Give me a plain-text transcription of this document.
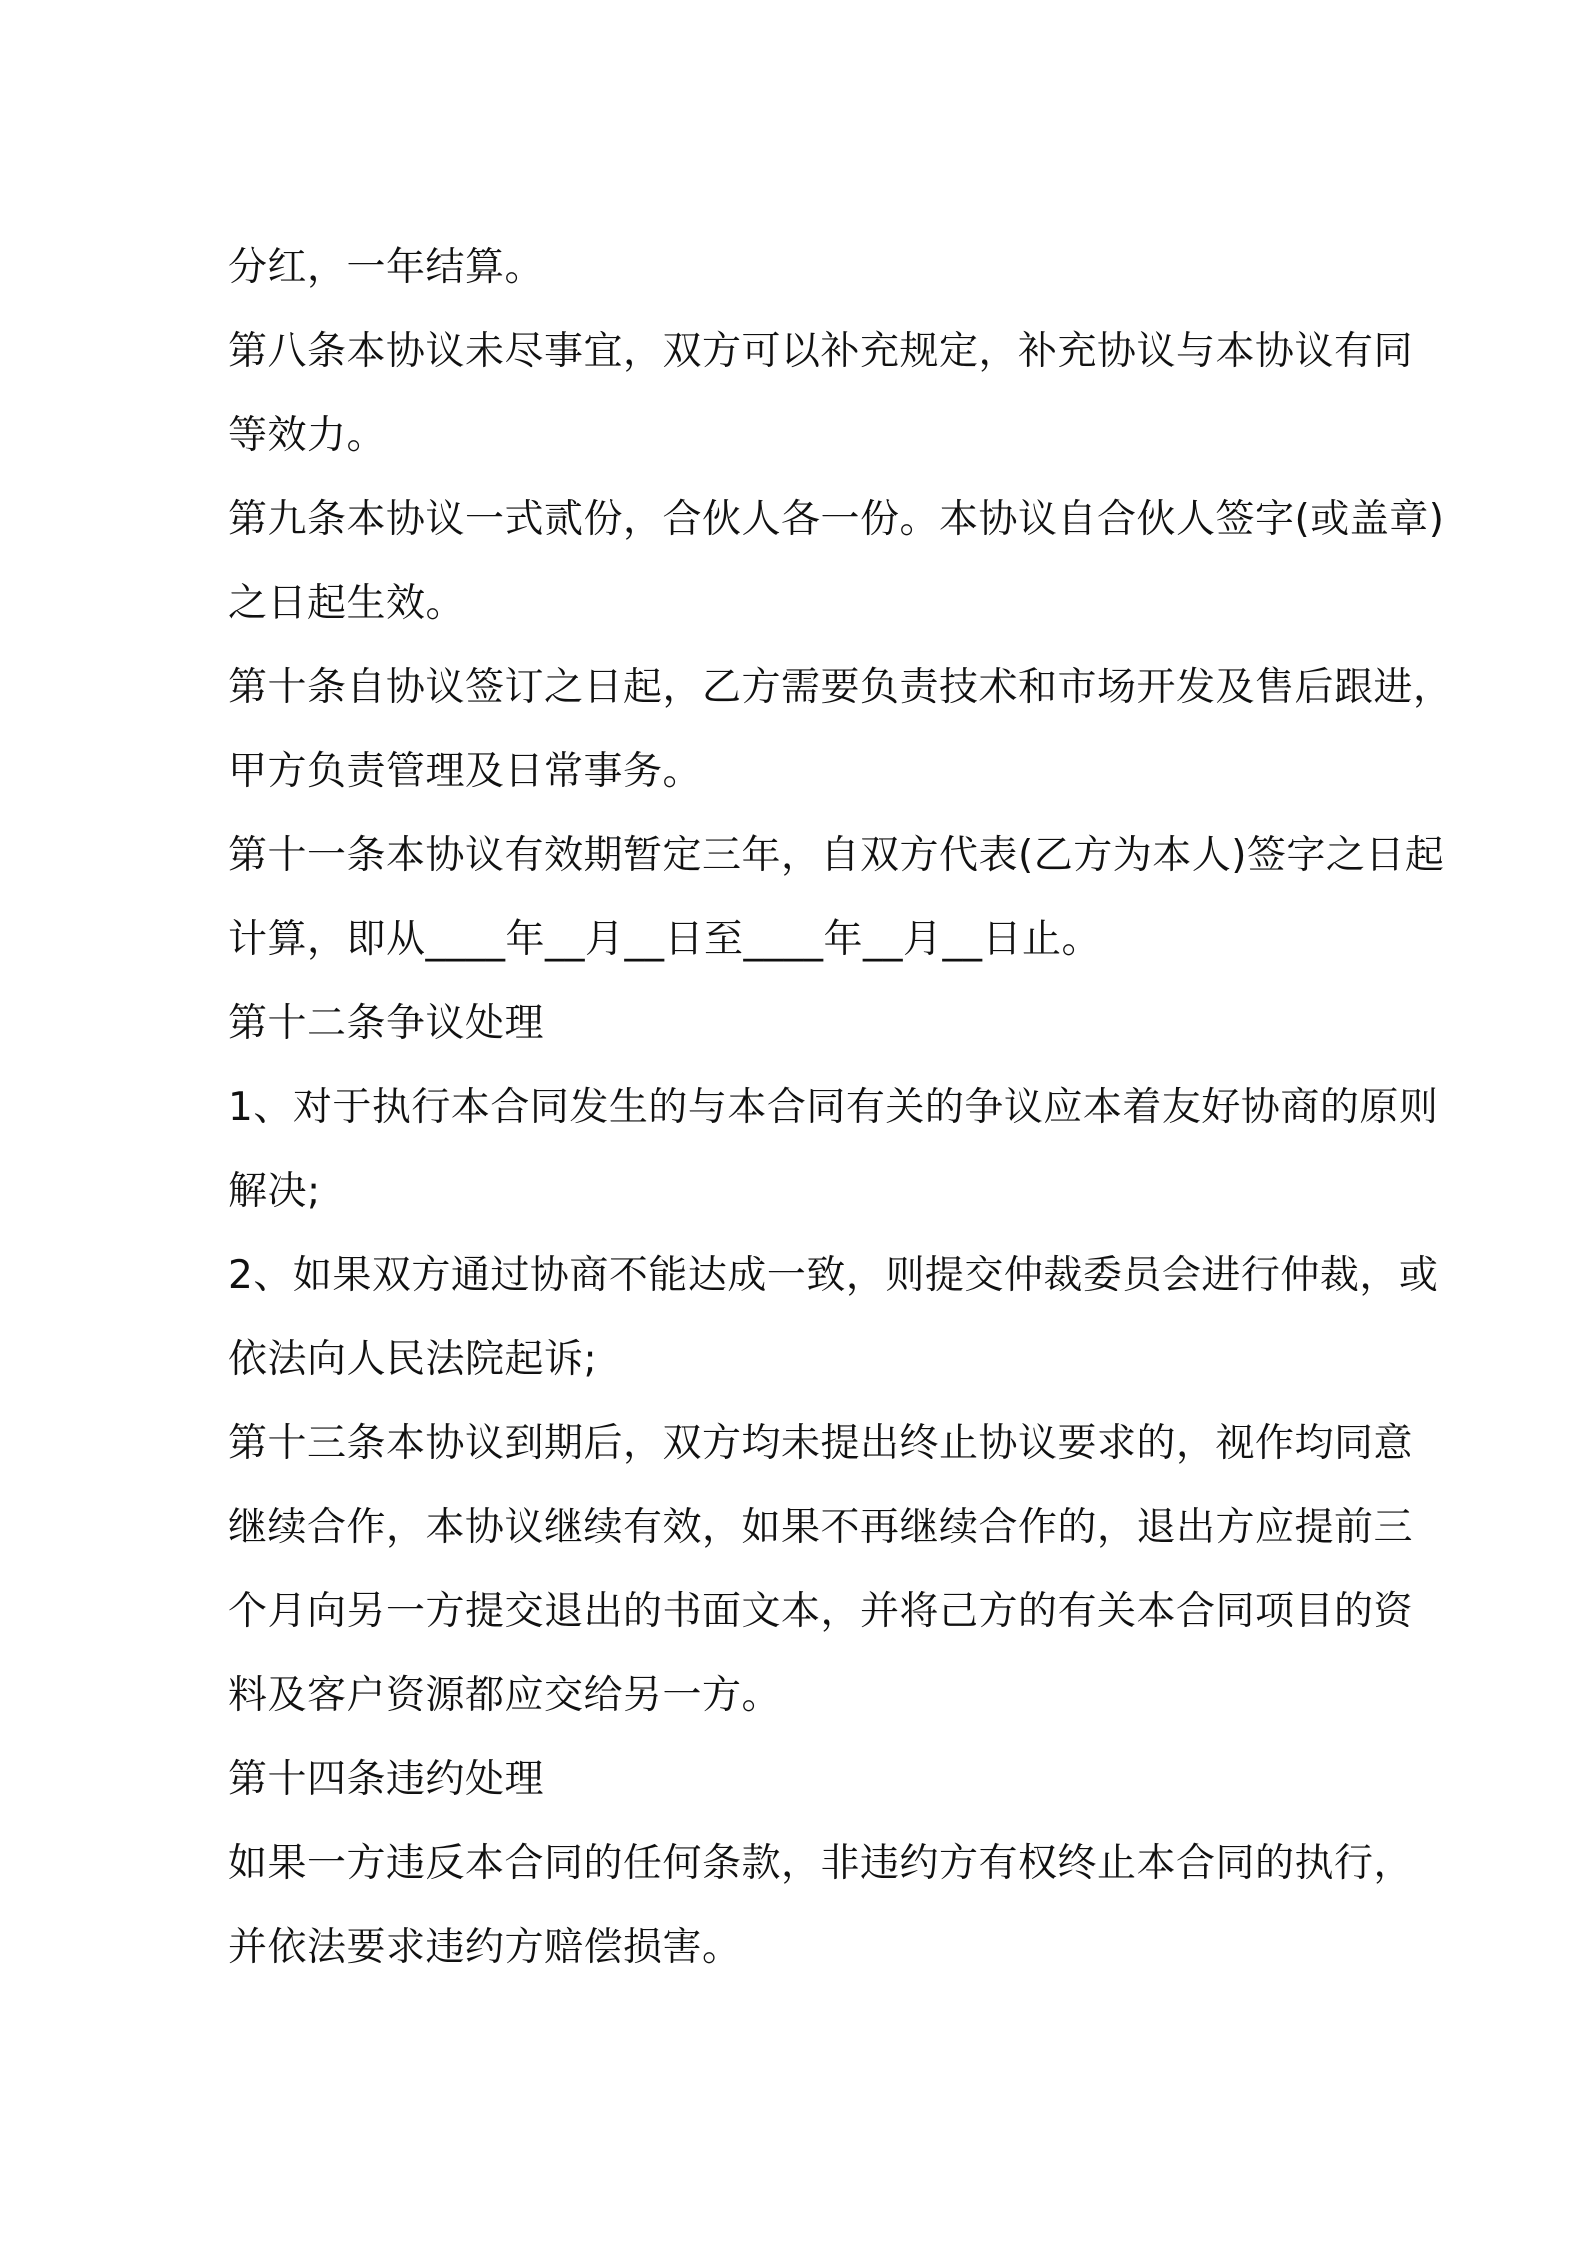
分红，一年结算。
第八条本协议未尽事宜，双方可以补充规定，补充协议与本协议有同
等效力。
第九条本协议一式贰份，合伙人各一份。本协议自合伙人签字(或盖章)
之日起生效。
第十条自协议签订之日起，乙方需要负责技术和市场开发及售后跟进，
甲方负责管理及日常事务。
第十一条本协议有效期暂定三年，自双方代表(乙方为本人)签字之日起
计算，即从____年__月__日至____年__月__日止。
第十二条争议处理
1、对于执行本合同发生的与本合同有关的争议应本着友好协商的原则
解决;
2、如果双方通过协商不能达成一致，则提交仲裁委员会进行仲裁，或
依法向人民法院起诉;
第十三条本协议到期后，双方均未提出终止协议要求的，视作均同意
继续合作，本协议继续有效，如果不再继续合作的，退出方应提前三
个月向另一方提交退出的书面文本，并将己方的有关本合同项目的资
料及客户资源都应交给另一方。
第十四条违约处理
如果一方违反本合同的任何条款，非违约方有权终止本合同的执行，
并依法要求违约方赔偿损害。
